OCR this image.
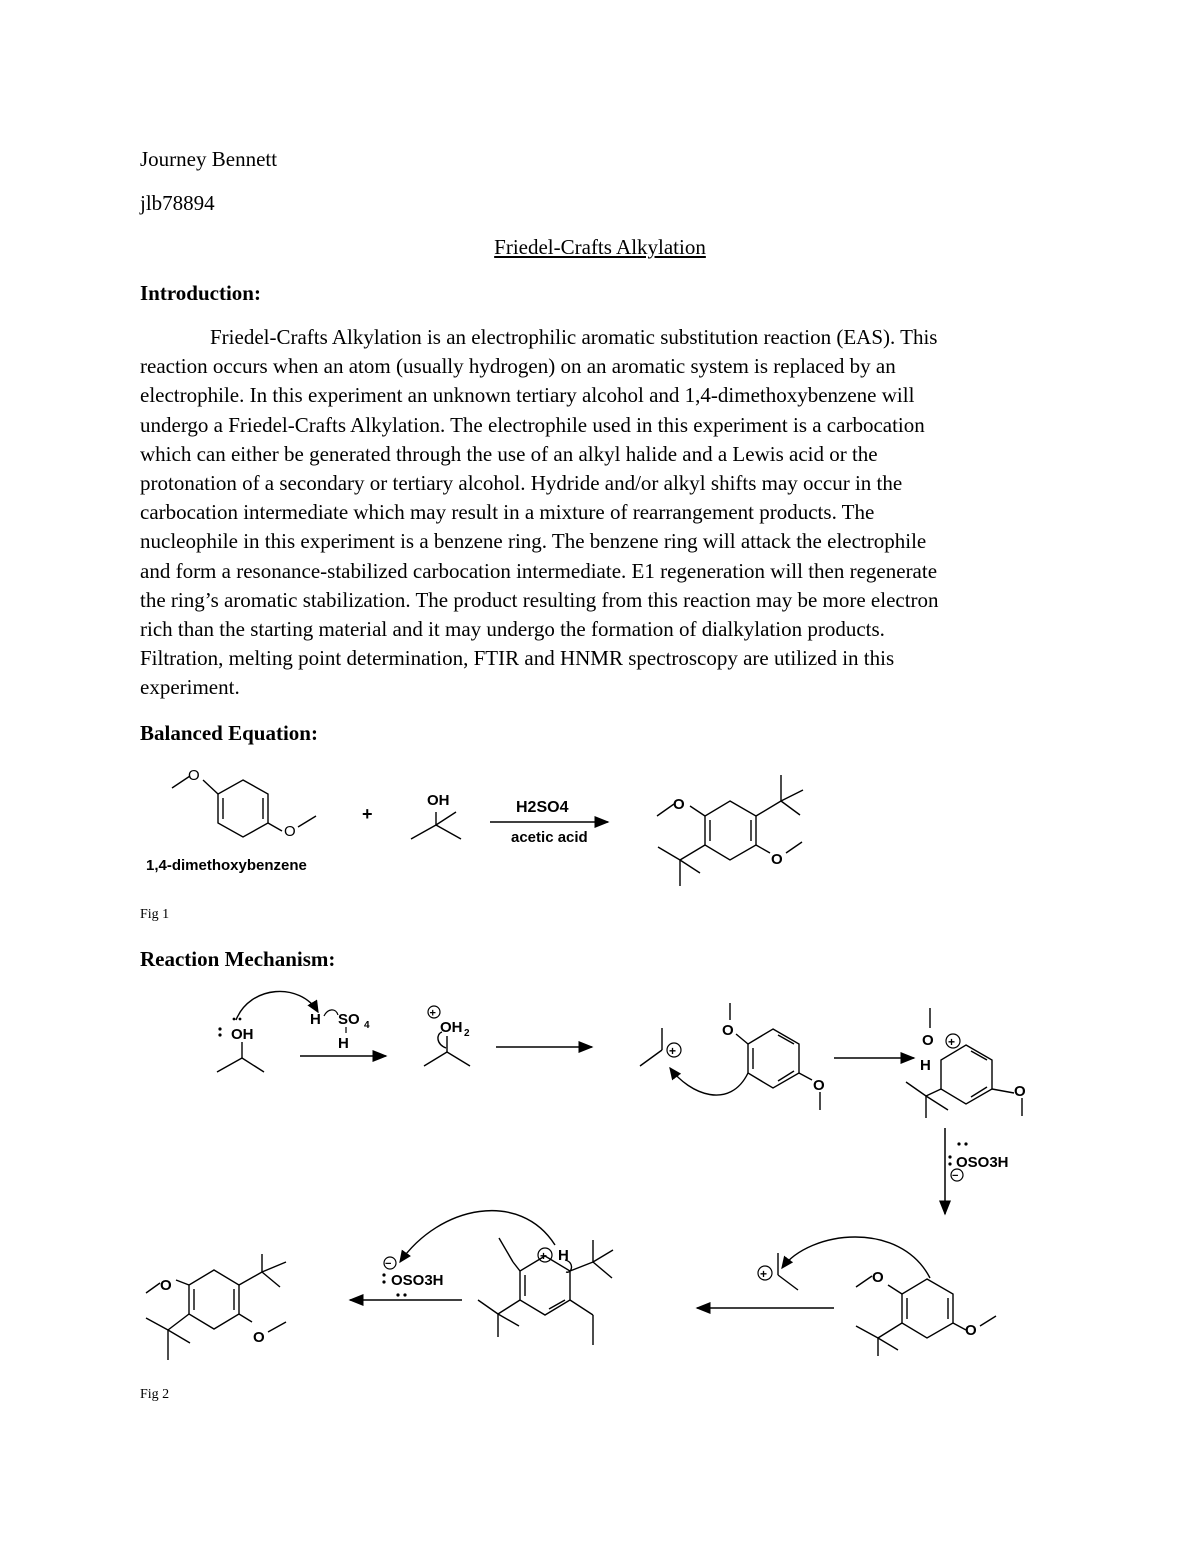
Journey Bennett
jlb78894
Friedel-Crafts Alkylation
Introduction:
Friedel-Crafts Alkylation is an electrophilic aromatic substitution reaction (EAS). This
reaction occurs when an atom (usually hydrogen) on an aromatic system is replaced by an
electrophile. In this experiment an unknown tertiary alcohol and 1,4-dimethoxybenzene will
undergo a Friedel-Crafts Alkylation. The electrophile used in this experiment is a carbocation
which can either be generated through the use of an alkyl halide and a Lewis acid or the
protonation of a secondary or tertiary alcohol. Hydride and/or alkyl shifts may occur in the
carbocation intermediate which may result in a mixture of rearrangement products. The
nucleophile in this experiment is a benzene ring. The benzene ring will attack the electrophile
and form a resonance-stabilized carbocation intermediate. E1 regeneration will then regenerate
the ring’s aromatic stabilization. The product resulting from this reaction may be more electron
rich than the starting material and it may undergo the formation of dialkylation products.
Filtration, melting point determination, FTIR and HNMR spectroscopy are utilized in this
experiment.
Balanced Equation:
Fig 1
Reaction Mechanism:
Fig 2
O
O
1,4-dimethoxybenzene
+
OH	H2SO4
acetic acid
O
O
OH
H SO 4
H
+
OH 2
+
O
O
O +
H
O
OSO3H
−
O
O
+
+ H
−
OSO3H
O
O
